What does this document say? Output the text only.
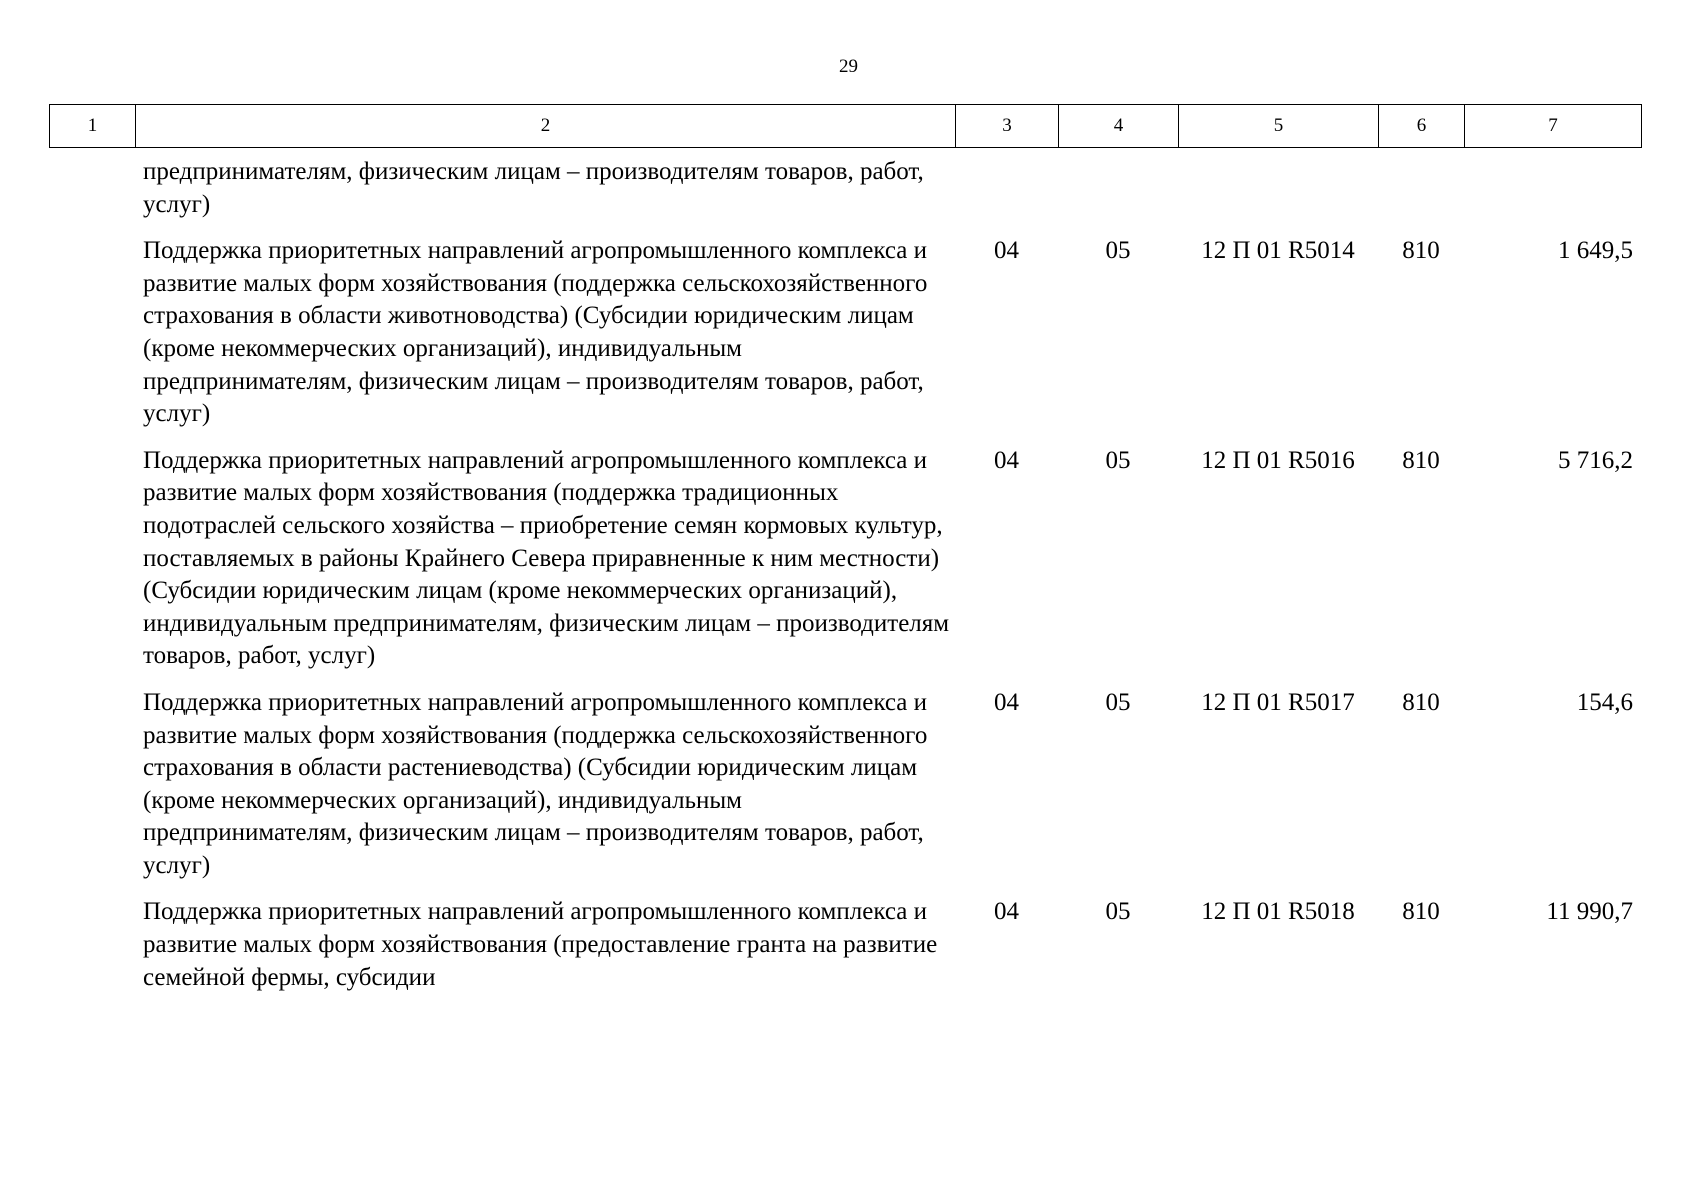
29
1	2	3	4	5	6	7
предпринимателям, физическим лицам – производителям товаров, работ, услуг)					
Поддержка приоритетных направлений агропромышленного комплекса и развитие малых форм хозяйствования (поддержка сельскохозяйственного страхования в области животноводства) (Субсидии юридическим лицам (кроме некоммерческих организаций), индивидуальным предпринимателям, физическим лицам – производителям товаров, работ, услуг)	04	05	12 П 01 R5014	810	1 649,5
Поддержка приоритетных направлений агропромышленного комплекса и развитие малых форм хозяйствования (поддержка традиционных подотраслей сельского хозяйства – приобретение семян кормовых культур, поставляемых в районы Крайнего Севера приравненные к ним местности) (Субсидии юридическим лицам (кроме некоммерческих организаций), индивидуальным предпринимателям, физическим лицам – производителям товаров, работ, услуг)	04	05	12 П 01 R5016	810	5 716,2
Поддержка приоритетных направлений агропромышленного комплекса и развитие малых форм хозяйствования (поддержка сельскохозяйственного страхования в области растениеводства) (Субсидии юридическим лицам (кроме некоммерческих организаций), индивидуальным предпринимателям, физическим лицам – производителям товаров, работ, услуг)	04	05	12 П 01 R5017	810	154,6
Поддержка приоритетных направлений агропромышленного комплекса и развитие малых форм хозяйствования (предоставление гранта на развитие семейной фермы, субсидии	04	05	12 П 01 R5018	810	11 990,7
